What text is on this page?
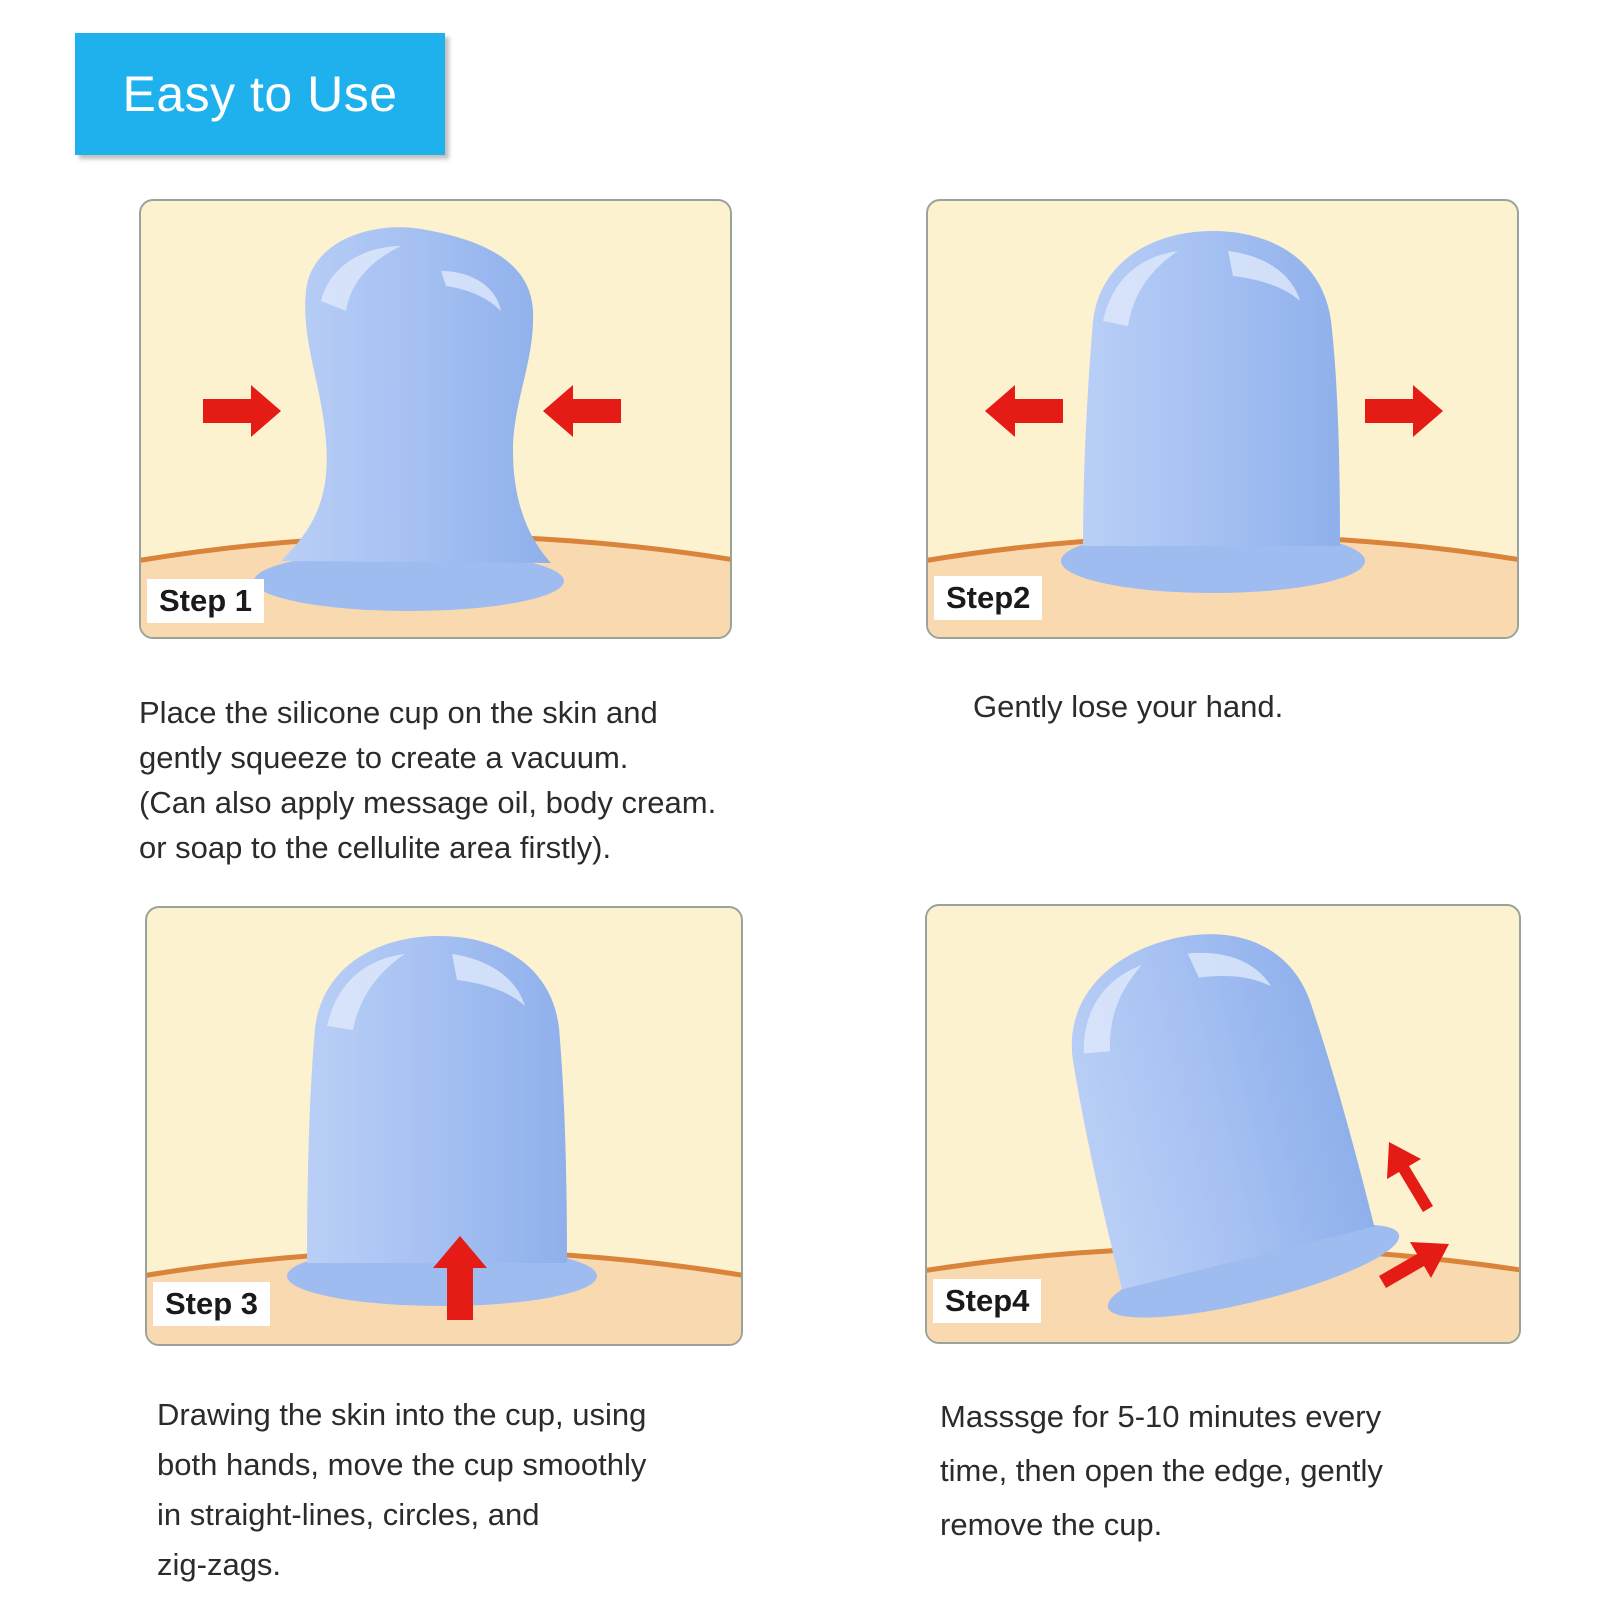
Easy to Use
Step 1	Step2
Step 3	Step4
Place the silicone cup on the skin and
gently squeeze to create a vacuum.
(Can also apply message oil, body cream.
or soap to the cellulite area firstly).
Gently lose your hand.
Drawing the skin into the cup, using
both hands, move the cup smoothly
in straight-lines, circles, and
zig-zags.
Masssge for 5-10 minutes every
time, then open the edge, gently
remove the cup.
